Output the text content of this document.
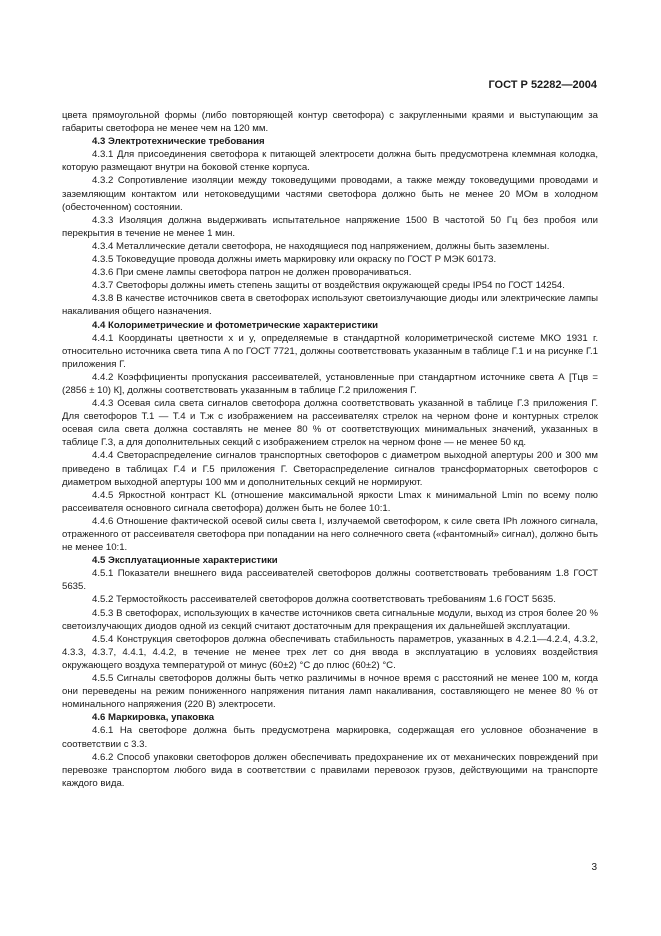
ГОСТ Р 52282—2004

цвета прямоугольной формы (либо повторяющей контур светофора) с закругленными краями и выступающим за габариты светофора не менее чем на 120 мм.

4.3 Электротехнические требования

4.3.1 Для присоединения светофора к питающей электросети должна быть предусмотрена клеммная колодка, которую размещают внутри на боковой стенке корпуса.

4.3.2 Сопротивление изоляции между токоведущими проводами, а также между токоведущими проводами и заземляющим контактом или нетоковедущими частями светофора должно быть не менее 20 МОм в холодном (обесточенном) состоянии.

4.3.3 Изоляция должна выдерживать испытательное напряжение 1500 В частотой 50 Гц без пробоя или перекрытия в течение не менее 1 мин.

4.3.4 Металлические детали светофора, не находящиеся под напряжением, должны быть заземлены.

4.3.5 Токоведущие провода должны иметь маркировку или окраску по ГОСТ Р МЭК 60173.

4.3.6 При смене лампы светофора патрон не должен проворачиваться.

4.3.7 Светофоры должны иметь степень защиты от воздействия окружающей среды IP54 по ГОСТ 14254.

4.3.8 В качестве источников света в светофорах используют светоизлучающие диоды или электрические лампы накаливания общего назначения.

4.4 Колориметрические и фотометрические характеристики

4.4.1 Координаты цветности x и y, определяемые в стандартной колориметрической системе МКО 1931 г. относительно источника света типа А по ГОСТ 7721, должны соответствовать указанным в таблице Г.1 и на рисунке Г.1 приложения Г.

4.4.2 Коэффициенты пропускания рассеивателей, установленные при стандартном источнике света А [Tцв = (2856 ± 10) К], должны соответствовать указанным в таблице Г.2 приложения Г.

4.4.3 Осевая сила света сигналов светофора должна соответствовать указанной в таблице Г.3 приложения Г. Для светофоров Т.1 — Т.4 и Т.ж с изображением на рассеивателях стрелок на черном фоне и контурных стрелок осевая сила света должна составлять не менее 80 % от соответствующих минимальных значений, указанных в таблице Г.3, а для дополнительных секций с изображением стрелок на черном фоне — не менее 50 кд.

4.4.4 Светораспределение сигналов транспортных светофоров с диаметром выходной апертуры 200 и 300 мм приведено в таблицах Г.4 и Г.5 приложения Г. Светораспределение сигналов трансформаторных светофоров с диаметром выходной апертуры 100 мм и дополнительных секций не нормируют.

4.4.5 Яркостной контраст KL (отношение максимальной яркости Lmax к минимальной Lmin по всему полю рассеивателя основного сигнала светофора) должен быть не более 10:1.

4.4.6 Отношение фактической осевой силы света I, излучаемой светофором, к силе света IPh ложного сигнала, отраженного от рассеивателя светофора при попадании на него солнечного света («фантомный» сигнал), должно быть не менее 10:1.

4.5 Эксплуатационные характеристики

4.5.1 Показатели внешнего вида рассеивателей светофоров должны соответствовать требованиям 1.8 ГОСТ 5635.

4.5.2 Термостойкость рассеивателей светофоров должна соответствовать требованиям 1.6 ГОСТ 5635.

4.5.3 В светофорах, использующих в качестве источников света сигнальные модули, выход из строя более 20 % светоизлучающих диодов одной из секций считают достаточным для прекращения их дальнейшей эксплуатации.

4.5.4 Конструкция светофоров должна обеспечивать стабильность параметров, указанных в 4.2.1—4.2.4, 4.3.2, 4.3.3, 4.3.7, 4.4.1, 4.4.2, в течение не менее трех лет со дня ввода в эксплуатацию в условиях воздействия окружающего воздуха температурой от минус (60±2) °С до плюс (60±2) °С.

4.5.5 Сигналы светофоров должны быть четко различимы в ночное время с расстояний не менее 100 м, когда они переведены на режим пониженного напряжения питания ламп накаливания, составляющего не менее 80 % от номинального напряжения (220 В) электросети.

4.6 Маркировка, упаковка

4.6.1 На светофоре должна быть предусмотрена маркировка, содержащая его условное обозначение в соответствии с 3.3.

4.6.2 Способ упаковки светофоров должен обеспечивать предохранение их от механических повреждений при перевозке транспортом любого вида в соответствии с правилами перевозок грузов, действующими на транспорте каждого вида.

3
